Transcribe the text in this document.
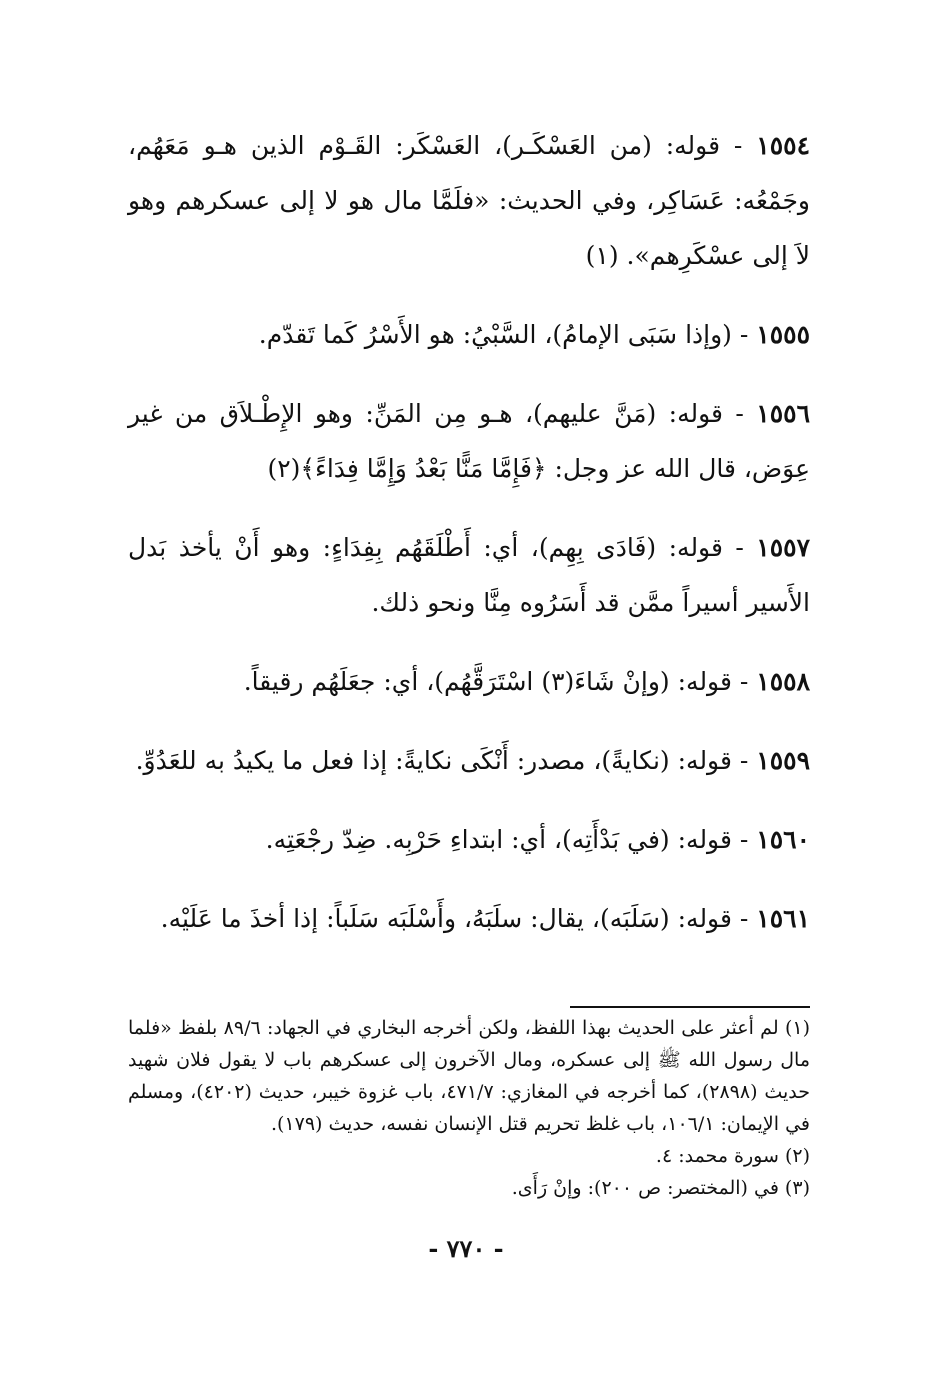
١٥٥٤ - قوله: (من العَسْكَـر)، العَسْكَر: القَـوْم الذين هـو مَعَهُم، وجَمْعُه: عَسَاكِر، وفي الحديث: «فلَمَّا مال هو لا إلى عسكرهم وهو لاَ إلى عسْكَرِهم». (١)

١٥٥٥ - (وإذا سَبَى الإمامُ)، السَّبْيُ: هو الأَسْرُ كَما تَقدّم.

١٥٥٦ - قوله: (مَنَّ عليهم)، هـو مِن المَنِّ: وهو الإِطْـلاَق من غير عِوَض، قال الله عز وجل: ﴿فَإِمَّا مَنًّا بَعْدُ وَإِمَّا فِدَاءً﴾(٢)

١٥٥٧ - قوله: (فَادَى بِهِم)، أي: أَطْلَقَهُم بِفِدَاءٍ: وهو أَنْ يأخذ بَدل الأَسير أسيراً ممَّن قد أَسَرُوه مِنَّا ونحو ذلك.

١٥٥٨ - قوله: (وإنْ شَاءَ(٣) اسْتَرَقَّهُم)، أي: جعَلَهُم رقيقاً.

١٥٥٩ - قوله: (نكايةً)، مصدر: أَنْكَى نكايةً: إذا فعل ما يكيدُ به للعَدُوِّ.

١٥٦٠ - قوله: (في بَدْأَتِه)، أي: ابتداءِ حَرْبِه. ضِدّ رجْعَتِه.

١٥٦١ - قوله: (سَلَبَه)، يقال: سلَبَهُ، وأَسْلَبَه سَلَباً: إذا أخذَ ما عَلَيْه.

(١) لم أعثر على الحديث بهذا اللفظ، ولكن أخرجه البخاري في الجهاد: ٨٩/٦ بلفظ «فلما مال رسول الله ﷺ إلى عسكره، ومال الآخرون إلى عسكرهم باب لا يقول فلان شهيد حديث (٢٨٩٨)، كما أخرجه في المغازي: ٤٧١/٧، باب غزوة خيبر، حديث (٤٢٠٢)، ومسلم في الإيمان: ١٠٦/١، باب غلظ تحريم قتل الإنسان نفسه، حديث (١٧٩).

(٢) سورة محمد: ٤.

(٣) في (المختصر: ص ٢٠٠): وإنْ رَأَى.

- ٧٧٠ -
